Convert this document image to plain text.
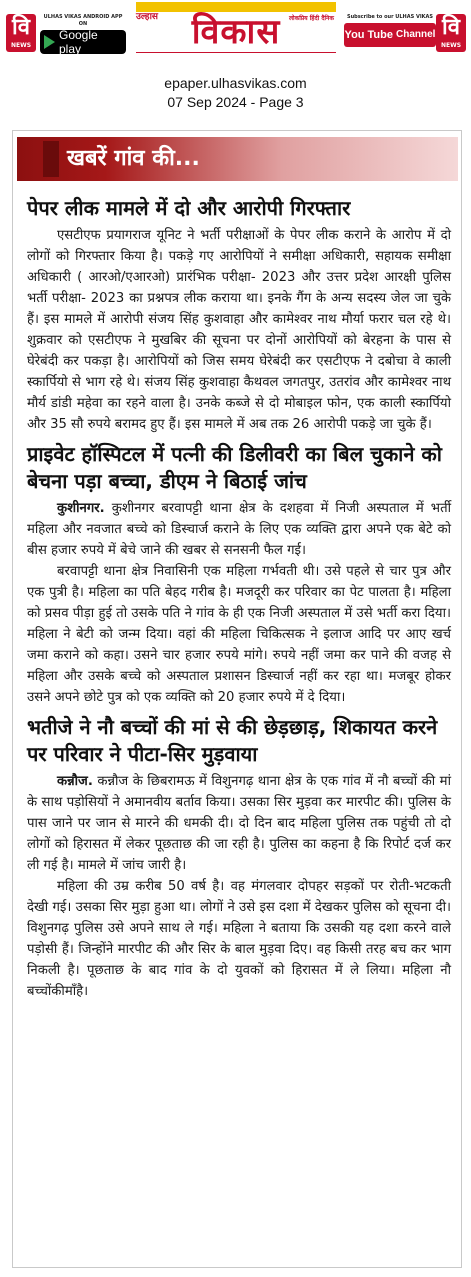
वि
NEWS
ULHAS VIKAS ANDROID APP ON
Google play	विकास
उल्हास	लोकप्रिय हिंदी दैनिक	Subscribe to our ULHAS VIKAS
You Tube Channel वि
NEWS
epaper.ulhasvikas.com
07 Sep 2024 - Page 3
खबरें गांव की...
पेपर लीक मामले में दो और आरोपी गिरफ्तार

एसटीएफ प्रयागराज यूनिट ने भर्ती परीक्षाओं के पेपर लीक कराने के आरोप में दो लोगों को गिरफ्तार किया है। पकड़े गए आरोपियों ने समीक्षा अधिकारी, सहायक समीक्षा अधिकारी ( आरओ/एआरओ) प्रारंभिक परीक्षा- 2023 और उत्तर प्रदेश आरक्षी पुलिस भर्ती परीक्षा- 2023 का प्रश्नपत्र लीक कराया था। इनके गैंग के अन्य सदस्य जेल जा चुके हैं। इस मामले में आरोपी संजय सिंह कुशवाहा और कामेश्वर नाथ मौर्या फरार चल रहे थे। शुक्रवार को एसटीएफ ने मुखबिर की सूचना पर दोनों आरोपियों को बेरहना के पास से घेरेबंदी कर पकड़ा है। आरोपियों को जिस समय घेरेबंदी कर एसटीएफ ने दबोचा वे काली स्कार्पियो से भाग रहे थे। संजय सिंह कुशवाहा कैथवल जगतपुर, उतरांव और कामेश्वर नाथ मौर्य डांडी महेवा का रहने वाला है। उनके कब्जे से दो मोबाइल फोन, एक काली स्कार्पियो और 35 सौ रुपये बरामद हुए हैं। इस मामले में अब तक 26 आरोपी पकड़े जा चुके हैं।

प्राइवेट हॉस्पिटल में पत्नी की डिलीवरी का बिल चुकाने को बेचना पड़ा बच्चा, डीएम ने बिठाई जांच

कुशीनगर. कुशीनगर बरवापट्टी थाना क्षेत्र के दशहवा में निजी अस्पताल में भर्ती महिला और नवजात बच्चे को डिस्चार्ज कराने के लिए एक व्यक्ति द्वारा अपने एक बेटे को बीस हजार रुपये में बेचे जाने की खबर से सनसनी फैल गई।

बरवापट्टी थाना क्षेत्र निवासिनी एक महिला गर्भवती थी। उसे पहले से चार पुत्र और एक पुत्री है। महिला का पति बेहद गरीब है। मजदूरी कर परिवार का पेट पालता है। महिला को प्रसव पीड़ा हुई तो उसके पति ने गांव के ही एक निजी अस्पताल में उसे भर्ती करा दिया। महिला ने बेटी को जन्म दिया। वहां की महिला चिकित्सक ने इलाज आदि पर आए खर्च जमा कराने को कहा। उसने चार हजार रुपये मांगे। रुपये नहीं जमा कर पाने की वजह से महिला और उसके बच्चे को अस्पताल प्रशासन डिस्चार्ज नहीं कर रहा था। मजबूर होकर उसने अपने छोटे पुत्र को एक व्यक्ति को 20 हजार रुपये में दे दिया।

भतीजे ने नौ बच्चों की मां से की छेड़छाड़, शिकायत करने पर परिवार ने पीटा-सिर मुड़वाया

कन्नौज. कन्नौज के छिबरामऊ में विशुनगढ़ थाना क्षेत्र के एक गांव में नौ बच्चों की मां के साथ पड़ोसियों ने अमानवीय बर्ताव किया। उसका सिर मुड़वा कर मारपीट की। पुलिस के पास जाने पर जान से मारने की धमकी दी। दो दिन बाद महिला पुलिस तक पहुंची तो दो लोगों को हिरासत में लेकर पूछताछ की जा रही है। पुलिस का कहना है कि रिपोर्ट दर्ज कर ली गई है। मामले में जांच जारी है।

महिला की उम्र करीब 50 वर्ष है। वह मंगलवार दोपहर सड़कों पर रोती-भटकती देखी गई। उसका सिर मुड़ा हुआ था। लोगों ने उसे इस दशा में देखकर पुलिस को सूचना दी। विशुनगढ़ पुलिस उसे अपने साथ ले गई। महिला ने बताया कि उसकी यह दशा करने वाले पड़ोसी हैं। जिन्होंने मारपीट की और सिर के बाल मुड़वा दिए। वह किसी तरह बच कर भाग निकली है। पूछताछ के बाद गांव के दो युवकों को हिरासत में ले लिया। महिला नौ बच्चोंकीमाँहै।
